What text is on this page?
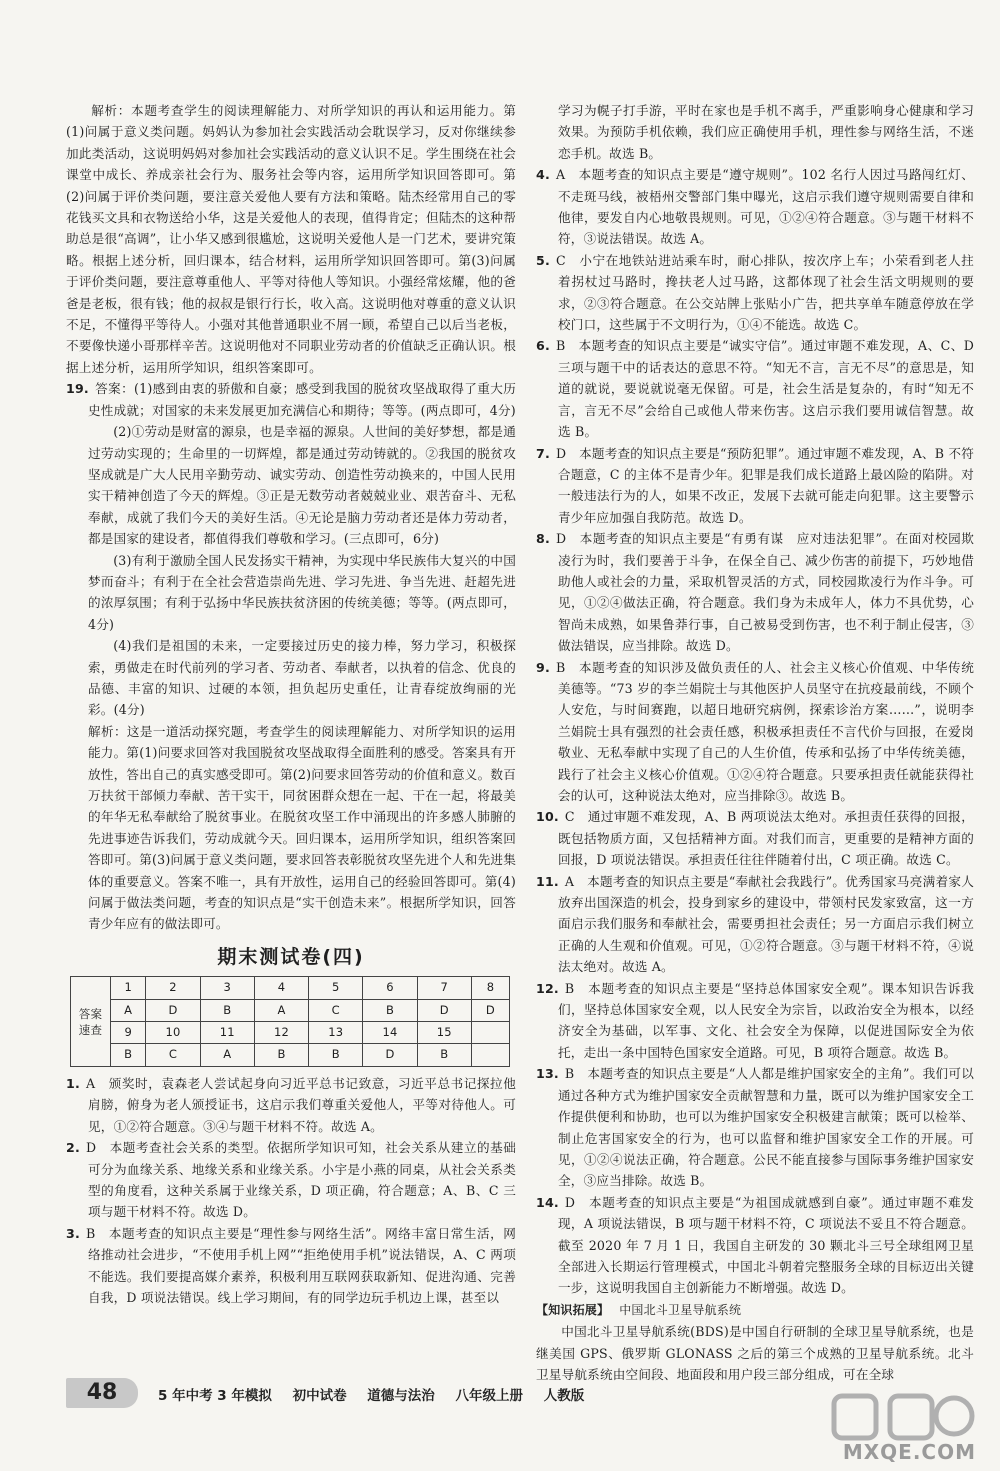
解析：本题考查学生的阅读理解能力、对所学知识的再认和运用能力。第(1)问属于意义类问题。妈妈认为参加社会实践活动会耽误学习，反对你继续参加此类活动，这说明妈妈对参加社会实践活动的意义认识不足。学生围绕在社会课堂中成长、养成亲社会行为、服务社会等内容，运用所学知识回答即可。第(2)问属于评价类问题，要注意关爱他人要有方法和策略。陆杰经常用自己的零花钱买文具和衣物送给小华，这是关爱他人的表现，值得肯定；但陆杰的这种帮助总是很“高调”，让小华又感到很尴尬，这说明关爱他人是一门艺术，要讲究策略。根据上述分析，回归课本，结合材料，运用所学知识回答即可。第(3)问属于评价类问题，要注意尊重他人、平等对待他人等知识。小强经常炫耀，他的爸爸是老板，很有钱；他的叔叔是银行行长，收入高。这说明他对尊重的意义认识不足，不懂得平等待人。小强对其他普通职业不屑一顾，希望自己以后当老板，不要像快递小哥那样辛苦。这说明他对不同职业劳动者的价值缺乏正确认识。根据上述分析，运用所学知识，组织答案即可。

19. 答案：(1)感到由衷的骄傲和自豪；感受到我国的脱贫攻坚战取得了重大历史性成就；对国家的未来发展更加充满信心和期待；等等。(两点即可，4分)

(2)①劳动是财富的源泉，也是幸福的源泉。人世间的美好梦想，都是通过劳动实现的；生命里的一切辉煌，都是通过劳动铸就的。②我国的脱贫攻坚成就是广大人民用辛勤劳动、诚实劳动、创造性劳动换来的，中国人民用实干精神创造了今天的辉煌。③正是无数劳动者兢兢业业、艰苦奋斗、无私奉献，成就了我们今天的美好生活。④无论是脑力劳动者还是体力劳动者，都是国家的建设者，都值得我们尊敬和学习。(三点即可，6分)

(3)有利于激励全国人民发扬实干精神，为实现中华民族伟大复兴的中国梦而奋斗；有利于在全社会营造崇尚先进、学习先进、争当先进、赶超先进的浓厚氛围；有利于弘扬中华民族扶贫济困的传统美德；等等。(两点即可，4分)

(4)我们是祖国的未来，一定要接过历史的接力棒，努力学习，积极探索，勇做走在时代前列的学习者、劳动者、奉献者，以执着的信念、优良的品德、丰富的知识、过硬的本领，担负起历史重任，让青春绽放绚丽的光彩。(4分)

解析：这是一道活动探究题，考查学生的阅读理解能力、对所学知识的运用能力。第(1)问要求回答对我国脱贫攻坚战取得全面胜利的感受。答案具有开放性，答出自己的真实感受即可。第(2)问要求回答劳动的价值和意义。数百万扶贫干部倾力奉献、苦干实干，同贫困群众想在一起、干在一起，将最美的年华无私奉献给了脱贫事业。在脱贫攻坚工作中涌现出的许多感人肺腑的先进事迹告诉我们，劳动成就今天。回归课本，运用所学知识，组织答案回答即可。第(3)问属于意义类问题，要求回答表彰脱贫攻坚先进个人和先进集体的重要意义。答案不唯一，具有开放性，运用自己的经验回答即可。第(4)问属于做法类问题，考查的知识点是“实干创造未来”。根据所学知识，回答青少年应有的做法即可。

期末测试卷(四)
答案速查	1	2	3	4	5	6	7	8
	A	D	B	A	C	B	D	D
	9	10	11	12	13	14	15	
	B	C	A	B	B	D	B	
1. A　颁奖时，袁森老人尝试起身向习近平总书记致意，习近平总书记探拉他肩膀，俯身为老人颁授证书，这启示我们尊重关爱他人，平等对待他人。可见，①②符合题意。③④与题干材料不符。故选 A。
2. D　本题考查社会关系的类型。依据所学知识可知，社会关系从建立的基础可分为血缘关系、地缘关系和业缘关系。小宇是小燕的同桌，从社会关系类型的角度看，这种关系属于业缘关系，D 项正确，符合题意；A、B、C 三项与题干材料不符。故选 D。
3. B　本题考查的知识点主要是“理性参与网络生活”。网络丰富日常生活，网络推动社会进步，“不使用手机上网”“拒绝使用手机”说法错误，A、C 两项不能选。我们要提高媒介素养，积极利用互联网获取新知、促进沟通、完善自我，D 项说法错误。线上学习期间，有的同学边玩手机边上课，甚至以

学习为幌子打手游，平时在家也是手机不离手，严重影响身心健康和学习效果。为预防手机依赖，我们应正确使用手机，理性参与网络生活，不迷恋手机。故选 B。

4. A　本题考查的知识点主要是“遵守规则”。102 名行人因过马路闯红灯、不走斑马线，被梧州交警部门集中曝光，这启示我们遵守规则需要自律和他律，要发自内心地敬畏规则。可见，①②④符合题意。③与题干材料不符，③说法错误。故选 A。
5. C　小宁在地铁站进站乘车时，耐心排队，按次序上车；小荣看到老人拄着拐杖过马路时，搀扶老人过马路，这都体现了社会生活文明规则的要求，②③符合题意。在公交站牌上张贴小广告，把共享单车随意停放在学校门口，这些属于不文明行为，①④不能选。故选 C。
6. B　本题考查的知识点主要是“诚实守信”。通过审题不难发现，A、C、D 三项与题干中的话表达的意思不符。“知无不言，言无不尽”的意思是，知道的就说，要说就说毫无保留。可是，社会生活是复杂的，有时“知无不言，言无不尽”会给自己或他人带来伤害。这启示我们要用诚信智慧。故选 B。
7. D　本题考查的知识点主要是“预防犯罪”。通过审题不难发现，A、B 不符合题意，C 的主体不是青少年。犯罪是我们成长道路上最凶险的陷阱。对一般违法行为的人，如果不改正，发展下去就可能走向犯罪。这主要警示青少年应加强自我防范。故选 D。
8. D　本题考查的知识点主要是“有勇有谋　应对违法犯罪”。在面对校园欺凌行为时，我们要善于斗争，在保全自己、减少伤害的前提下，巧妙地借助他人或社会的力量，采取机智灵活的方式，同校园欺凌行为作斗争。可见，①②④做法正确，符合题意。我们身为未成年人，体力不具优势，心智尚未成熟，如果鲁莽行事，自己被易受到伤害，也不利于制止侵害，③做法错误，应当排除。故选 D。
9. B　本题考查的知识涉及做负责任的人、社会主义核心价值观、中华传统美德等。“73 岁的李兰娟院士与其他医护人员坚守在抗疫最前线，不顾个人安危，与时间赛跑，以超日地研究病例，探索诊治方案……”，说明李兰娟院士具有强烈的社会责任感，积极承担责任不言代价与回报，在爱岗敬业、无私奉献中实现了自己的人生价值，传承和弘扬了中华传统美德，践行了社会主义核心价值观。①②④符合题意。只要承担责任就能获得社会的认可，这种说法太绝对，应当排除③。故选 B。
10. C　通过审题不难发现，A、B 两项说法太绝对。承担责任获得的回报，既包括物质方面，又包括精神方面。对我们而言，更重要的是精神方面的回报，D 项说法错误。承担责任往往伴随着付出，C 项正确。故选 C。
11. A　本题考查的知识点主要是“奉献社会我践行”。优秀国家马亮满着家人放弃出国深造的机会，投身到家乡的建设中，带领村民发家致富，这一方面启示我们服务和奉献社会，需要勇担社会责任；另一方面启示我们树立正确的人生观和价值观。可见，①②符合题意。③与题干材料不符，④说法太绝对。故选 A。
12. B　本题考查的知识点主要是“坚持总体国家安全观”。课本知识告诉我们，坚持总体国家安全观，以人民安全为宗旨，以政治安全为根本，以经济安全为基础，以军事、文化、社会安全为保障，以促进国际安全为依托，走出一条中国特色国家安全道路。可见，B 项符合题意。故选 B。
13. B　本题考查的知识点主要是“人人都是维护国家安全的主角”。我们可以通过各种方式为维护国家安全贡献智慧和力量，既可以为维护国家安全工作提供便利和协助，也可以为维护国家安全积极建言献策；既可以检举、制止危害国家安全的行为，也可以监督和维护国家安全工作的开展。可见，①②④说法正确，符合题意。公民不能直接参与国际事务维护国家安全，③应当排除。故选 B。
14. D　本题考查的知识点主要是“为祖国成就感到自豪”。通过审题不难发现，A 项说法错误，B 项与题干材料不符，C 项说法不妥且不符合题意。截至 2020 年 7 月 1 日，我国自主研发的 30 颗北斗三号全球组网卫星全部进入长期运行管理模式，中国北斗朝着完整服务全球的目标迈出关键一步，这说明我国自主创新能力不断增强。故选 D。
【知识拓展】 中国北斗卫星导航系统

中国北斗卫星导航系统(BDS)是中国自行研制的全球卫星导航系统，也是继美国 GPS、俄罗斯 GLONASS 之后的第三个成熟的卫星导航系统。北斗卫星导航系统由空间段、地面段和用户段三部分组成，可在全球

48	5 年中考 3 年模拟 初中试卷 道德与法治 八年级上册 人教版
MXQE.COM
